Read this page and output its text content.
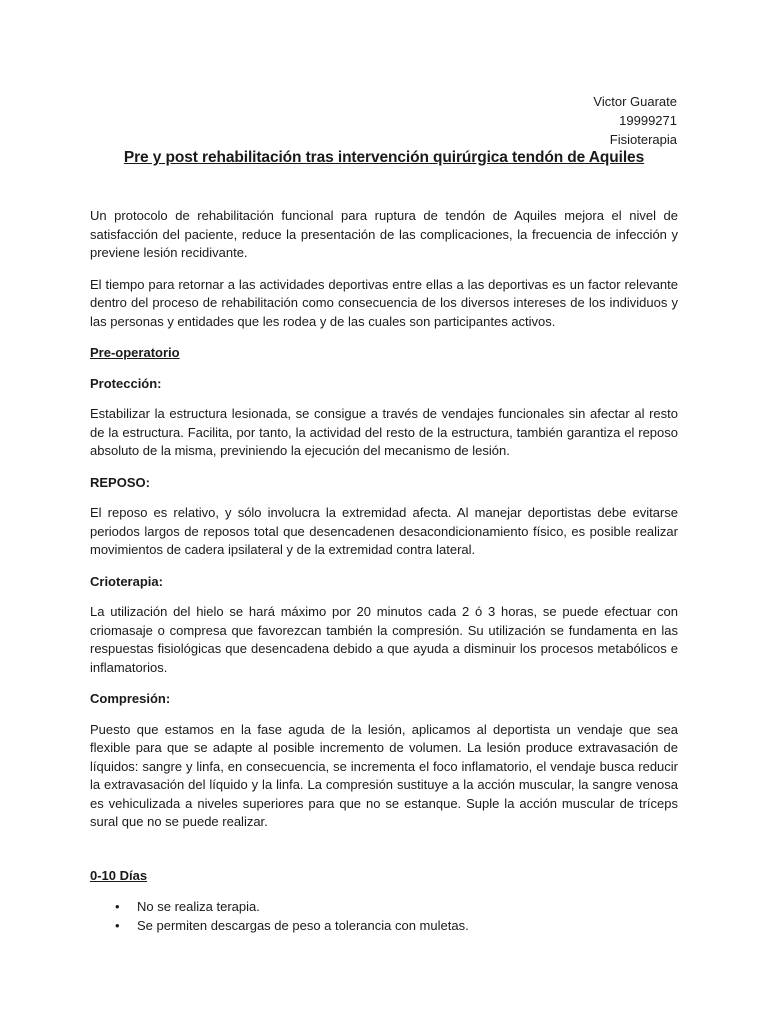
Victor Guarate
19999271
Fisioterapia
Pre y post rehabilitación tras intervención quirúrgica tendón de Aquiles

Un protocolo de rehabilitación funcional para ruptura de tendón de Aquiles mejora el nivel de satisfacción del paciente, reduce la presentación de las complicaciones, la frecuencia de infección y previene lesión recidivante.

El tiempo para retornar a las actividades deportivas entre ellas a las deportivas es un factor relevante dentro del proceso de rehabilitación como consecuencia de los diversos intereses de los individuos y las personas y entidades que les rodea y de las cuales son participantes activos.

Pre-operatorio

Protección:

Estabilizar la estructura lesionada, se consigue a través de vendajes funcionales sin afectar al resto de la estructura. Facilita, por tanto, la actividad del resto de la estructura, también garantiza el reposo absoluto de la misma, previniendo la ejecución del mecanismo de lesión.

REPOSO:

El reposo es relativo, y sólo involucra la extremidad afecta. Al manejar deportistas debe evitarse periodos largos de reposos total que desencadenen desacondicionamiento físico, es posible realizar movimientos de cadera ipsilateral y de la extremidad contra lateral.

Crioterapia:

La utilización del hielo se hará máximo por 20 minutos cada 2 ó 3 horas, se puede efectuar con criomasaje o compresa que favorezcan también la compresión. Su utilización se fundamenta en las respuestas fisiológicas que desencadena debido a que ayuda a disminuir los procesos metabólicos e inflamatorios.

Compresión:

Puesto que estamos en la fase aguda de la lesión, aplicamos al deportista un vendaje que sea flexible para que se adapte al posible incremento de volumen. La lesión produce extravasación de líquidos: sangre y linfa, en consecuencia, se incrementa el foco inflamatorio, el vendaje busca reducir la extravasación del líquido y la linfa. La compresión sustituye a la acción muscular, la sangre venosa es vehiculizada a niveles superiores para que no se estanque. Suple la acción muscular de tríceps sural que no se puede realizar.

0-10 Días

• No se realiza terapia.
• Se permiten descargas de peso a tolerancia con muletas.
